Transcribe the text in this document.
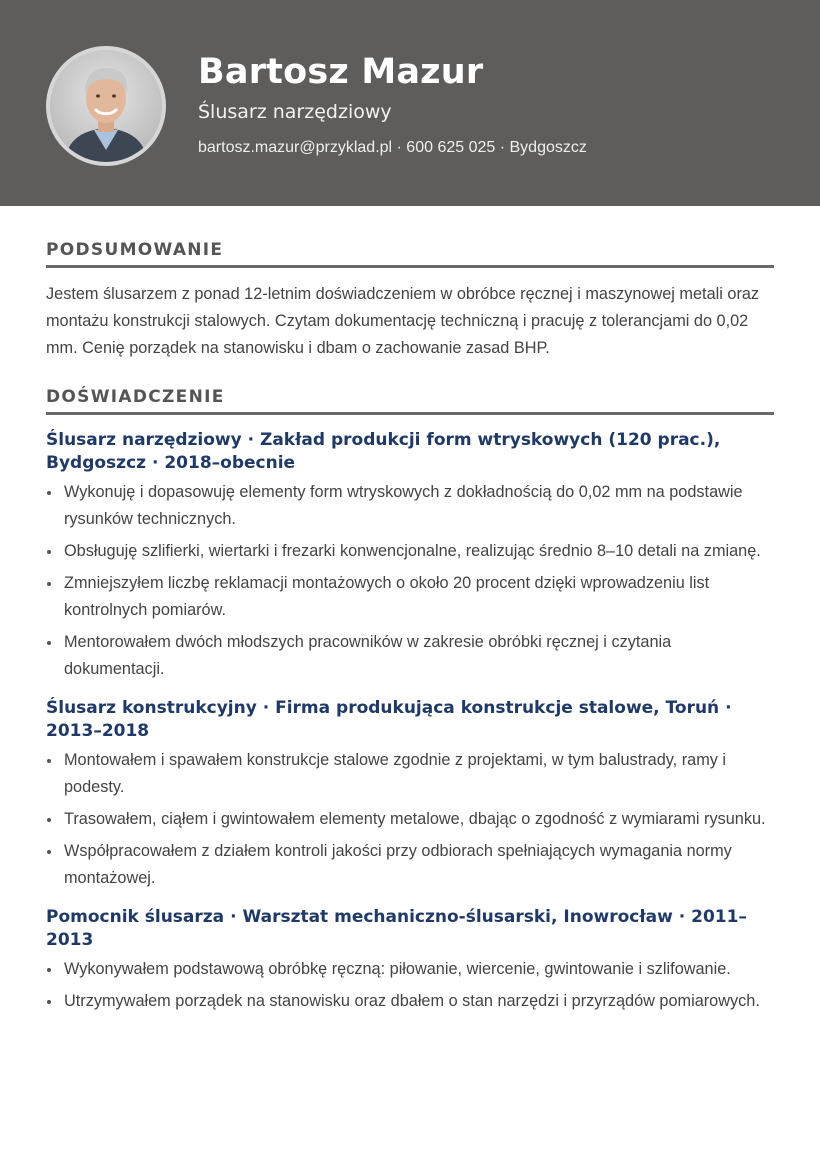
Bartosz Mazur
Ślusarz narzędziowy
bartosz.mazur@przyklad.pl · 600 625 025 · Bydgoszcz
PODSUMOWANIE

Jestem ślusarzem z ponad 12-letnim doświadczeniem w obróbce ręcznej i maszynowej metali oraz montażu konstrukcji stalowych. Czytam dokumentację techniczną i pracuję z tolerancjami do 0,02 mm. Cenię porządek na stanowisku i dbam o zachowanie zasad BHP.

DOŚWIADCZENIE
Ślusarz narzędziowy · Zakład produkcji form wtryskowych (120 prac.), Bydgoszcz · 2018–obecnie
Wykonuję i dopasowuję elementy form wtryskowych z dokładnością do 0,02 mm na podstawie rysunków technicznych.
Obsługuję szlifierki, wiertarki i frezarki konwencjonalne, realizując średnio 8–10 detali na zmianę.
Zmniejszyłem liczbę reklamacji montażowych o około 20 procent dzięki wprowadzeniu list kontrolnych pomiarów.
Mentorowałem dwóch młodszych pracowników w zakresie obróbki ręcznej i czytania dokumentacji.
Ślusarz konstrukcyjny · Firma produkująca konstrukcje stalowe, Toruń · 2013–2018
Montowałem i spawałem konstrukcje stalowe zgodnie z projektami, w tym balustrady, ramy i podesty.
Trasowałem, ciąłem i gwintowałem elementy metalowe, dbając o zgodność z wymiarami rysunku.
Współpracowałem z działem kontroli jakości przy odbiorach spełniających wymagania normy montażowej.
Pomocnik ślusarza · Warsztat mechaniczno-ślusarski, Inowrocław · 2011–2013
Wykonywałem podstawową obróbkę ręczną: piłowanie, wiercenie, gwintowanie i szlifowanie.
Utrzymywałem porządek na stanowisku oraz dbałem o stan narzędzi i przyrządów pomiarowych.
